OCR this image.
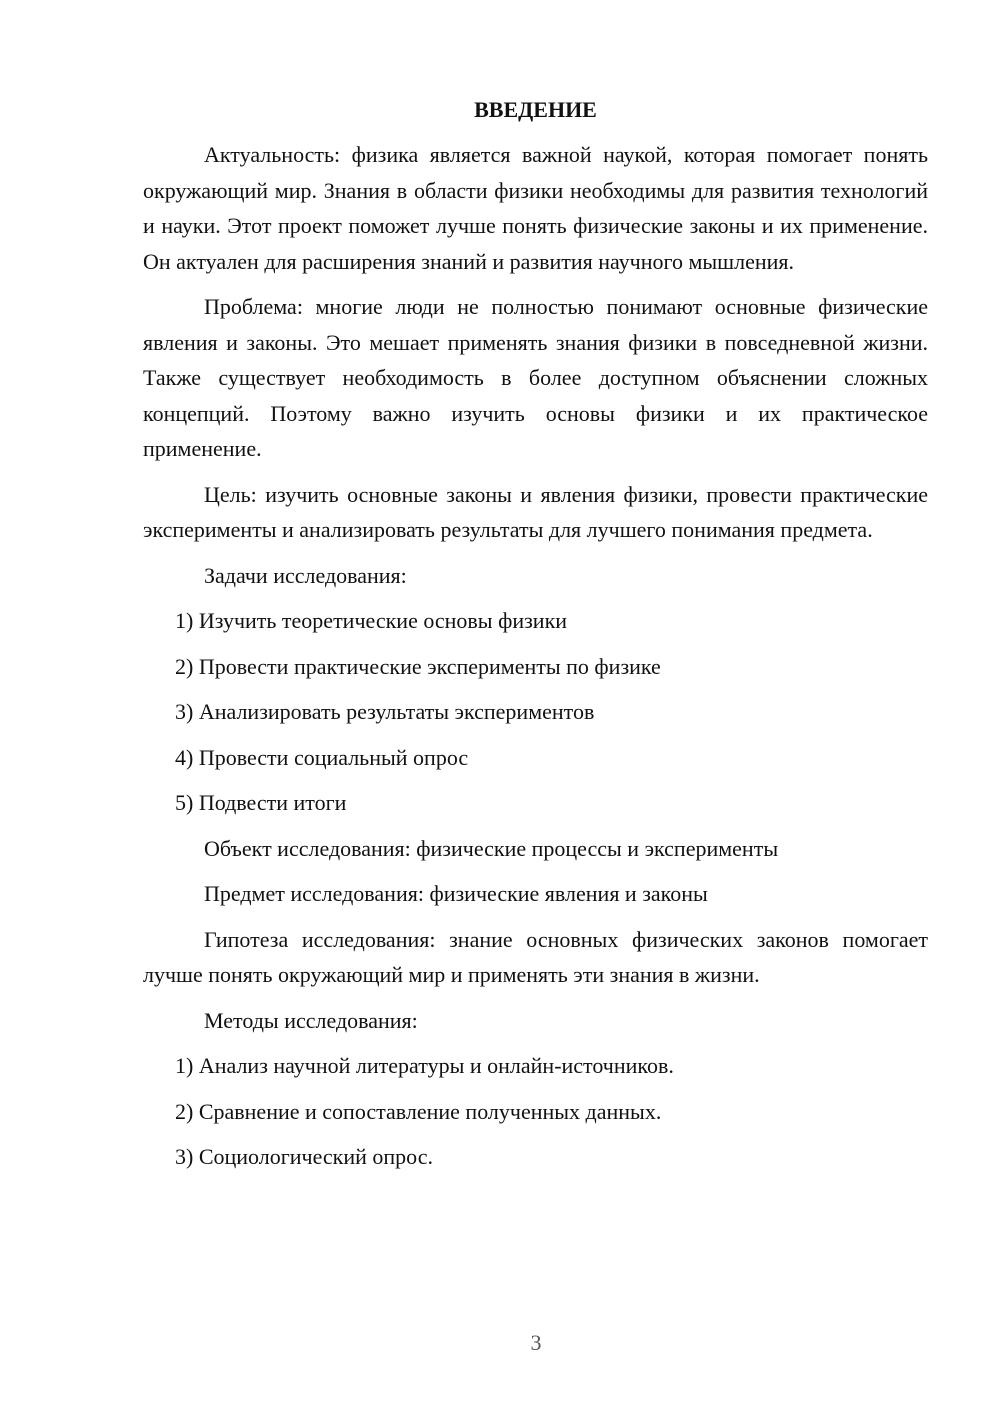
ВВЕДЕНИЕ

Актуальность: физика является важной наукой, которая помогает понять окружающий мир. Знания в области физики необходимы для развития технологий и науки. Этот проект поможет лучше понять физические законы и их применение. Он актуален для расширения знаний и развития научного мышления.

Проблема: многие люди не полностью понимают основные физические явления и законы. Это мешает применять знания физики в повседневной жизни. Также существует необходимость в более доступном объяснении сложных концепций. Поэтому важно изучить основы физики и их практическое применение.

Цель: изучить основные законы и явления физики, провести практические эксперименты и анализировать результаты для лучшего понимания предмета.

Задачи исследования:

1) Изучить теоретические основы физики
2) Провести практические эксперименты по физике
3) Анализировать результаты экспериментов
4) Провести социальный опрос
5) Подвести итоги

Объект исследования: физические процессы и эксперименты

Предмет исследования: физические явления и законы

Гипотеза исследования: знание основных физических законов помогает лучше понять окружающий мир и применять эти знания в жизни.

Методы исследования:

1) Анализ научной литературы и онлайн-источников.
2) Сравнение и сопоставление полученных данных.
3) Социологический опрос.
3
